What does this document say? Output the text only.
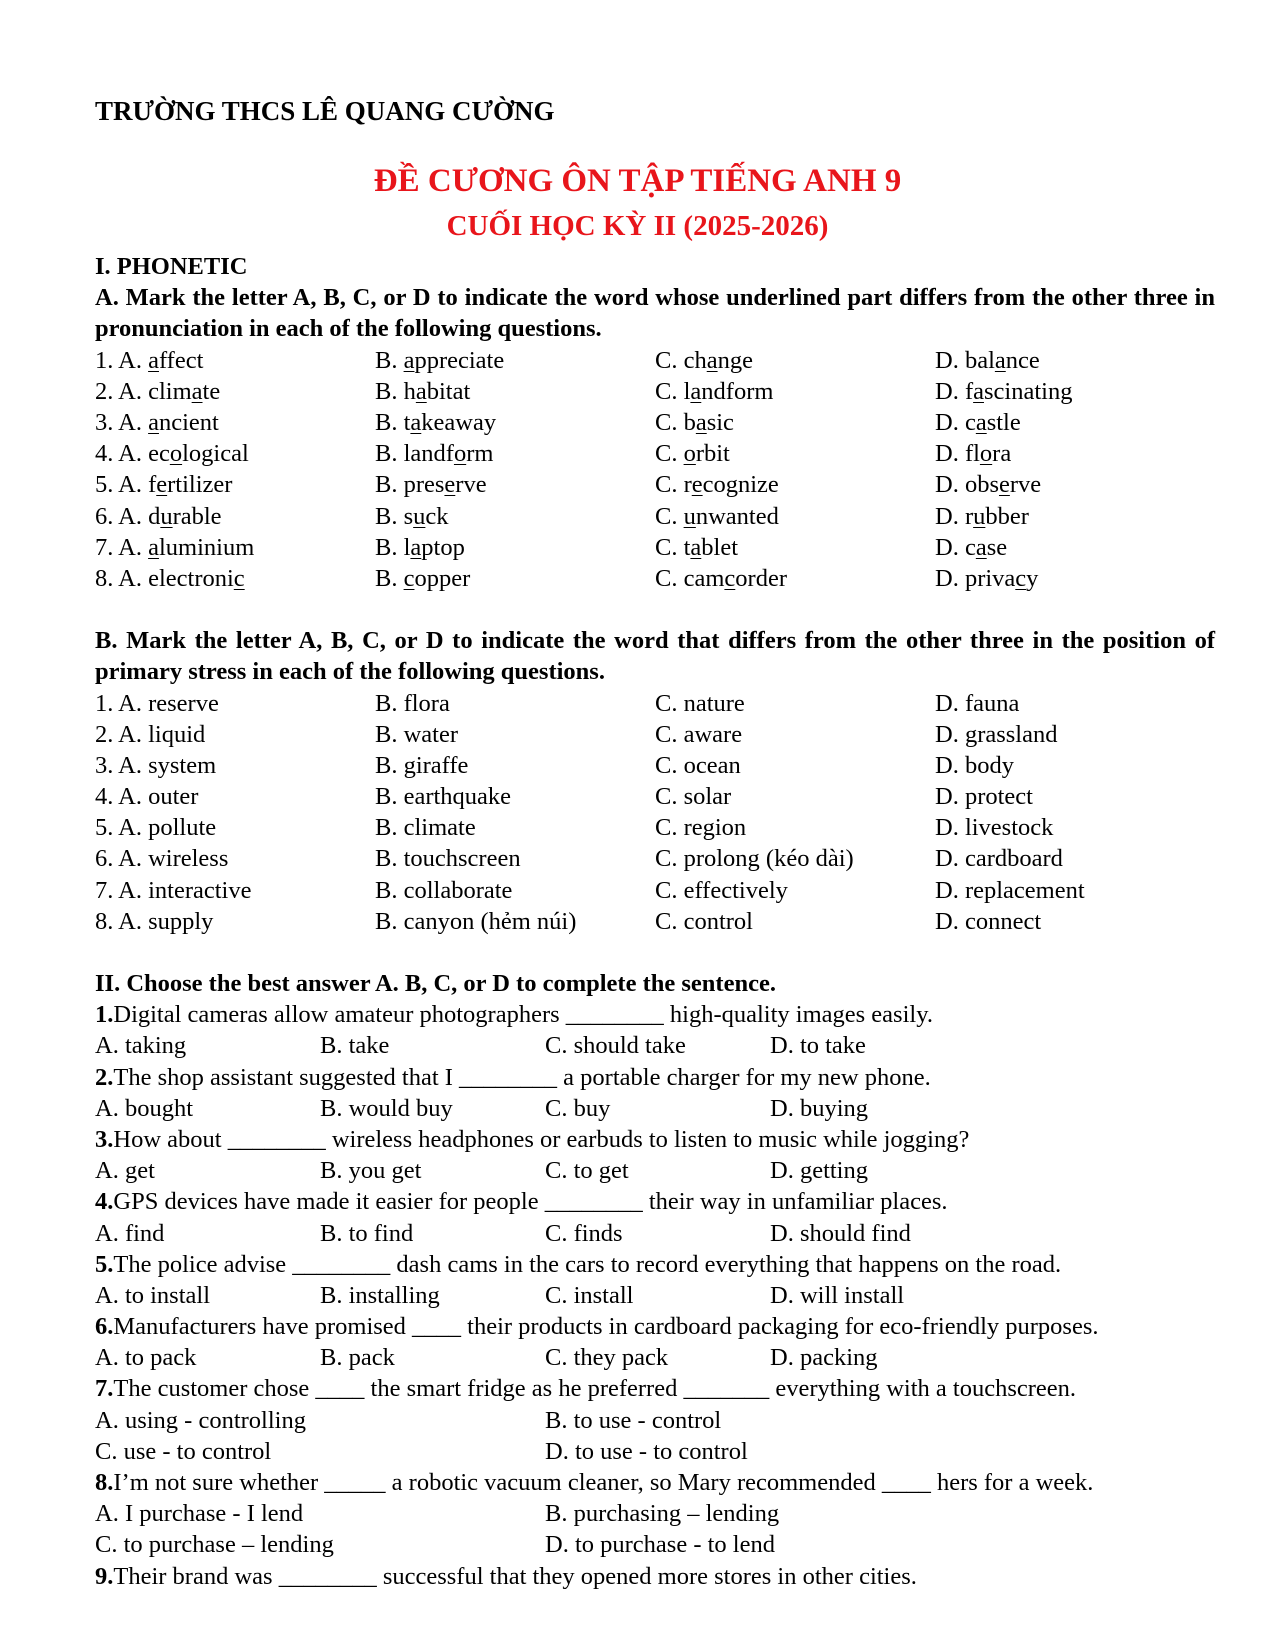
TRƯỜNG THCS LÊ QUANG CƯỜNG
ĐỀ CƯƠNG ÔN TẬP TIẾNG ANH 9
CUỐI HỌC KỲ II (2025-2026)
I. PHONETIC
A. Mark the letter A, B, C, or D to indicate the word whose underlined part differs from the other three in pronunciation in each of the following questions.
1. A. affect	B. appreciate	C. change	D. balance
2. A. climate	B. habitat	C. landform	D. fascinating
3. A. ancient	B. takeaway	C. basic	D. castle
4. A. ecological	B. landform	C. orbit	D. flora
5. A. fertilizer	B. preserve	C. recognize	D. observe
6. A. durable	B. suck	C. unwanted	D. rubber
7. A. aluminium	B. laptop	C. tablet	D. case
8. A. electronic	B. copper	C. camcorder	D. privacy
B. Mark the letter A, B, C, or D to indicate the word that differs from the other three in the position of primary stress in each of the following questions.
1. A. reserve	B. flora	C. nature	D. fauna
2. A. liquid	B. water	C. aware	D. grassland
3. A. system	B. giraffe	C. ocean	D. body
4. A. outer	B. earthquake	C. solar	D. protect
5. A. pollute	B. climate	C. region	D. livestock
6. A. wireless	B. touchscreen	C. prolong (kéo dài)	D. cardboard
7. A. interactive	B. collaborate	C. effectively	D. replacement
8. A. supply	B. canyon (hẻm núi)	C. control	D. connect
II. Choose the best answer A. B, C, or D to complete the sentence.
1. Digital cameras allow amateur photographers ________ high-quality images easily.
A. taking	B. take	C. should take	D. to take
2. The shop assistant suggested that I ________ a portable charger for my new phone.
A. bought	B. would buy	C. buy	D. buying
3. How about ________ wireless headphones or earbuds to listen to music while jogging?
A. get	B. you get	C. to get	D. getting
4. GPS devices have made it easier for people ________ their way in unfamiliar places.
A. find	B. to find	C. finds	D. should find
5. The police advise ________ dash cams in the cars to record everything that happens on the road.
A. to install	B. installing	C. install	D. will install
6. Manufacturers have promised ____ their products in cardboard packaging for eco-friendly purposes.
A. to pack	B. pack	C. they pack	D. packing
7. The customer chose ____ the smart fridge as he preferred _______ everything with a touchscreen.
A. using - controlling	B. to use - control
C. use - to control	D. to use - to control
8. I’m not sure whether _____ a robotic vacuum cleaner, so Mary recommended ____ hers for a week.
A. I purchase - I lend	B. purchasing – lending
C. to purchase – lending	D. to purchase - to lend
9. Their brand was ________ successful that they opened more stores in other cities.
